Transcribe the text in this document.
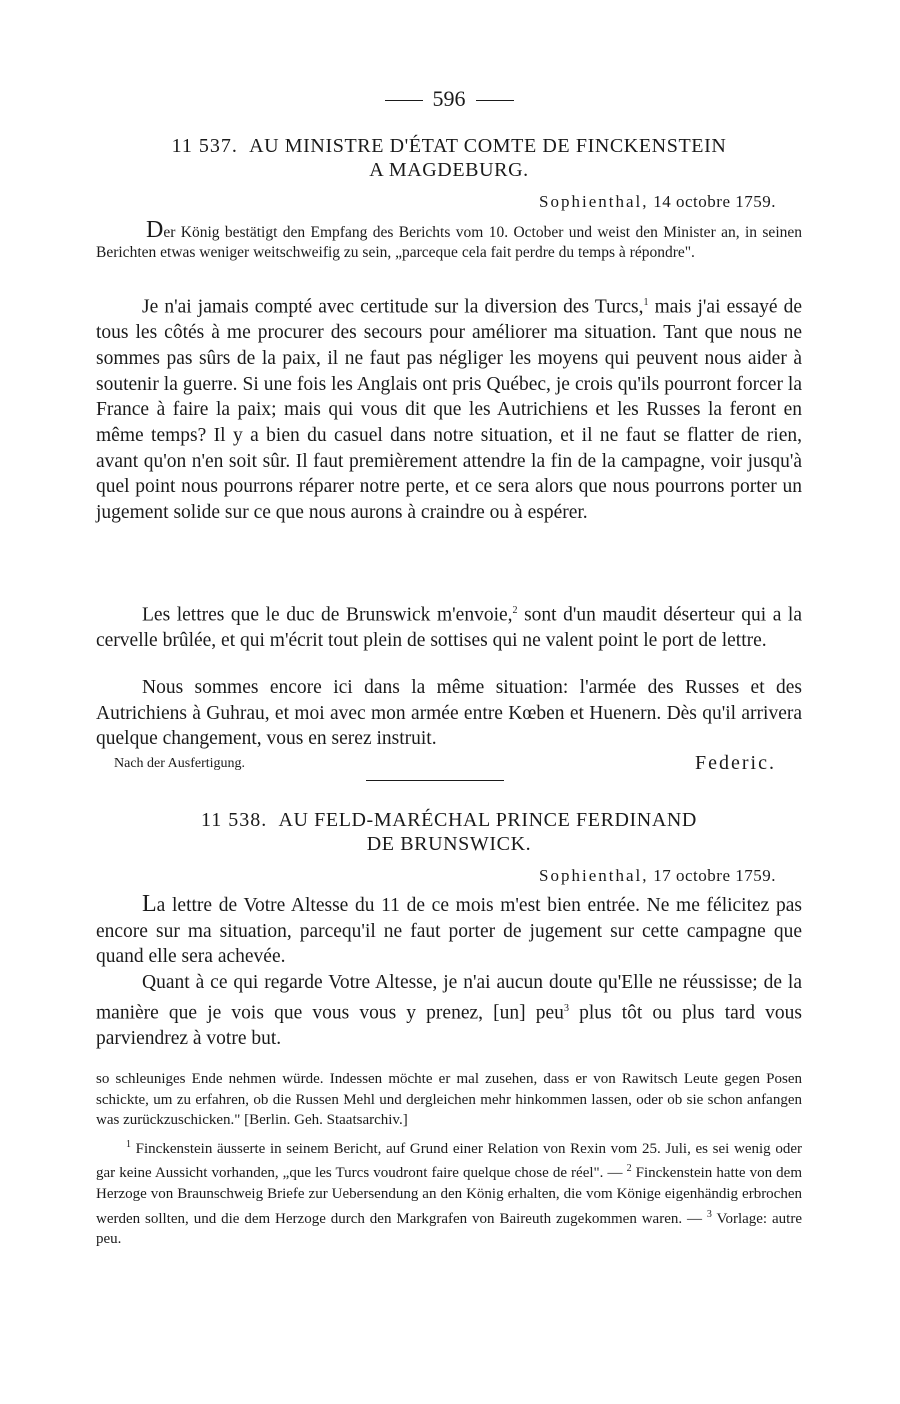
596
11 537. AU MINISTRE D'ÉTAT COMTE DE FINCKENSTEIN
A MAGDEBURG.
Sophienthal, 14 octobre 1759.

Der König bestätigt den Empfang des Berichts vom 10. October und weist den Minister an, in seinen Berichten etwas weniger weitschweifig zu sein, „parceque cela fait perdre du temps à répondre".

Je n'ai jamais compté avec certitude sur la diversion des Turcs,$^1$ mais j'ai essayé de tous les côtés à me procurer des secours pour améliorer ma situation. Tant que nous ne sommes pas sûrs de la paix, il ne faut pas négliger les moyens qui peuvent nous aider à soutenir la guerre. Si une fois les Anglais ont pris Québec, je crois qu'ils pourront forcer la France à faire la paix; mais qui vous dit que les Autrichiens et les Russes la feront en même temps? Il y a bien du casuel dans notre situation, et il ne faut se flatter de rien, avant qu'on n'en soit sûr. Il faut premièrement attendre la fin de la campagne, voir jusqu'à quel point nous pourrons réparer notre perte, et ce sera alors que nous pourrons porter un jugement solide sur ce que nous aurons à craindre ou à espérer.

Les lettres que le duc de Brunswick m'envoie,$^2$ sont d'un maudit déserteur qui a la cervelle brûlée, et qui m'écrit tout plein de sottises qui ne valent point le port de lettre.

Nous sommes encore ici dans la même situation: l'armée des Russes et des Autrichiens à Guhrau, et moi avec mon armée entre Kœben et Huenern. Dès qu'il arrivera quelque changement, vous en serez instruit.

Nach der Ausfertigung.	Federic.
11 538. AU FELD-MARÉCHAL PRINCE FERDINAND
DE BRUNSWICK.
Sophienthal, 17 octobre 1759.

La lettre de Votre Altesse du 11 de ce mois m'est bien entrée. Ne me félicitez pas encore sur ma situation, parcequ'il ne faut porter de jugement sur cette campagne que quand elle sera achevée.

Quant à ce qui regarde Votre Altesse, je n'ai aucun doute qu'Elle ne réussisse; de la manière que je vois que vous vous y prenez, [un] peu$^3$ plus tôt ou plus tard vous parviendrez à votre but.

so schleuniges Ende nehmen würde. Indessen möchte er mal zusehen, dass er von Rawitsch Leute gegen Posen schickte, um zu erfahren, ob die Russen Mehl und dergleichen mehr hinkommen lassen, oder ob sie schon anfangen was zurückzuschicken." [Berlin. Geh. Staatsarchiv.]

$^1$ Finckenstein äusserte in seinem Bericht, auf Grund einer Relation von Rexin vom 25. Juli, es sei wenig oder gar keine Aussicht vorhanden, „que les Turcs voudront faire quelque chose de réel". — $^2$ Finckenstein hatte von dem Herzoge von Braunschweig Briefe zur Uebersendung an den König erhalten, die vom Könige eigenhändig erbrochen werden sollten, und die dem Herzoge durch den Markgrafen von Baireuth zugekommen waren. — $^3$ Vorlage: autre peu.
